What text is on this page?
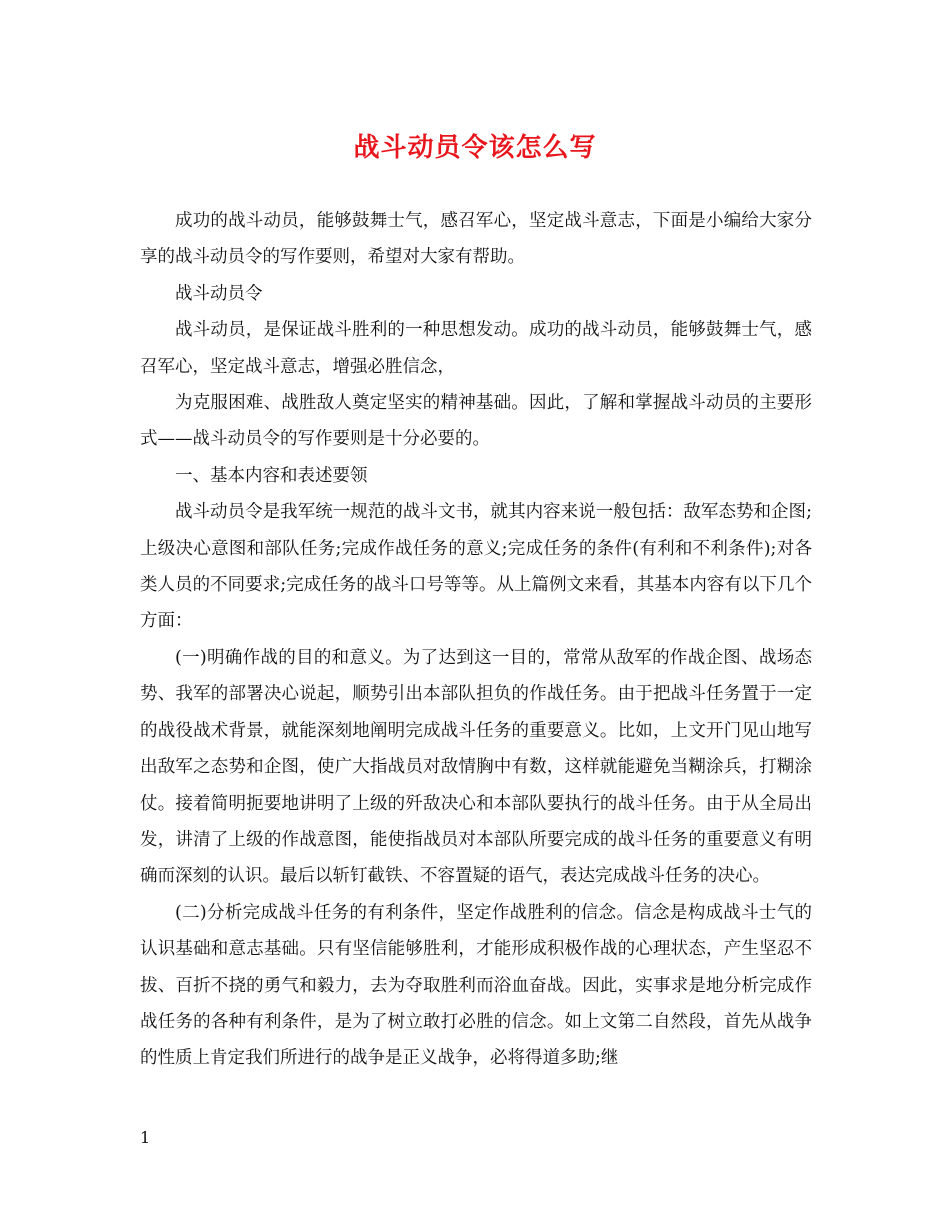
战斗动员令该怎么写

成功的战斗动员，能够鼓舞士气，感召军心，坚定战斗意志，下面是小编给大家分享的战斗动员令的写作要则，希望对大家有帮助。

战斗动员令

战斗动员，是保证战斗胜利的一种思想发动。成功的战斗动员，能够鼓舞士气，感召军心，坚定战斗意志，增强必胜信念，

为克服困难、战胜敌人奠定坚实的精神基础。因此，了解和掌握战斗动员的主要形式——战斗动员令的写作要则是十分必要的。

一、基本内容和表述要领

战斗动员令是我军统一规范的战斗文书，就其内容来说一般包括：敌军态势和企图;上级决心意图和部队任务;完成作战任务的意义;完成任务的条件(有利和不利条件);对各类人员的不同要求;完成任务的战斗口号等等。从上篇例文来看，其基本内容有以下几个方面：

(一)明确作战的目的和意义。为了达到这一目的，常常从敌军的作战企图、战场态势、我军的部署决心说起，顺势引出本部队担负的作战任务。由于把战斗任务置于一定的战役战术背景，就能深刻地阐明完成战斗任务的重要意义。比如，上文开门见山地写出敌军之态势和企图，使广大指战员对敌情胸中有数，这样就能避免当糊涂兵，打糊涂仗。接着简明扼要地讲明了上级的歼敌决心和本部队要执行的战斗任务。由于从全局出发，讲清了上级的作战意图，能使指战员对本部队所要完成的战斗任务的重要意义有明确而深刻的认识。最后以斩钉截铁、不容置疑的语气，表达完成战斗任务的决心。

(二)分析完成战斗任务的有利条件，坚定作战胜利的信念。信念是构成战斗士气的认识基础和意志基础。只有坚信能够胜利，才能形成积极作战的心理状态，产生坚忍不拔、百折不挠的勇气和毅力，去为夺取胜利而浴血奋战。因此，实事求是地分析完成作战任务的各种有利条件，是为了树立敢打必胜的信念。如上文第二自然段，首先从战争的性质上肯定我们所进行的战争是正义战争，必将得道多助;继

1
